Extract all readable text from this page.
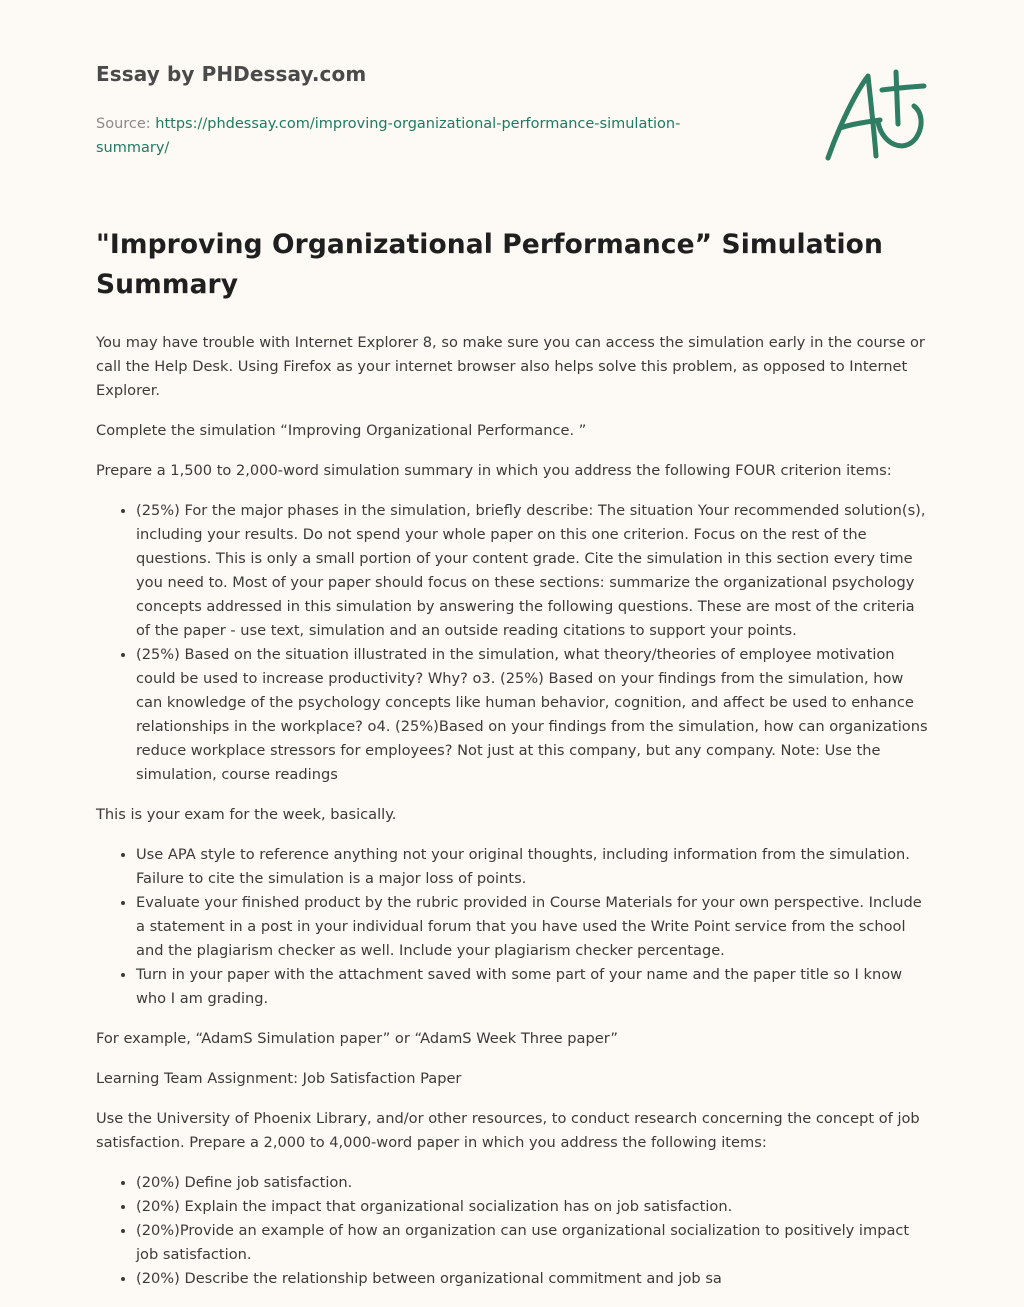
Essay by PHDessay.com
Source: https://phdessay.com/improving-organizational-performance-simulation-summary/
"Improving Organizational Performance” Simulation Summary

You may have trouble with Internet Explorer 8, so make sure you can access the simulation early in the course or call the Help Desk. Using Firefox as your internet browser also helps solve this problem, as opposed to Internet Explorer.

Complete the simulation “Improving Organizational Performance. ”

Prepare a 1,500 to 2,000-word simulation summary in which you address the following FOUR criterion items:

• (25%) For the major phases in the simulation, briefly describe: The situation Your recommended solution(s), including your results. Do not spend your whole paper on this one criterion. Focus on the rest of the questions. This is only a small portion of your content grade. Cite the simulation in this section every time you need to. Most of your paper should focus on these sections: summarize the organizational psychology concepts addressed in this simulation by answering the following questions. These are most of the criteria of the paper - use text, simulation and an outside reading citations to support your points.
• (25%) Based on the situation illustrated in the simulation, what theory/theories of employee motivation could be used to increase productivity? Why? o3. (25%) Based on your findings from the simulation, how can knowledge of the psychology concepts like human behavior, cognition, and affect be used to enhance relationships in the workplace? o4. (25%)Based on your findings from the simulation, how can organizations reduce workplace stressors for employees? Not just at this company, but any company. Note: Use the simulation, course readings

This is your exam for the week, basically.

• Use APA style to reference anything not your original thoughts, including information from the simulation. Failure to cite the simulation is a major loss of points.
• Evaluate your finished product by the rubric provided in Course Materials for your own perspective. Include a statement in a post in your individual forum that you have used the Write Point service from the school and the plagiarism checker as well. Include your plagiarism checker percentage.
• Turn in your paper with the attachment saved with some part of your name and the paper title so I know who I am grading.

For example, “AdamS Simulation paper” or “AdamS Week Three paper”

Learning Team Assignment: Job Satisfaction Paper

Use the University of Phoenix Library, and/or other resources, to conduct research concerning the concept of job satisfaction. Prepare a 2,000 to 4,000-word paper in which you address the following items:

• (20%) Define job satisfaction.
• (20%) Explain the impact that organizational socialization has on job satisfaction.
• (20%)Provide an example of how an organization can use organizational socialization to positively impact job satisfaction.
• (20%) Describe the relationship between organizational commitment and job sa
